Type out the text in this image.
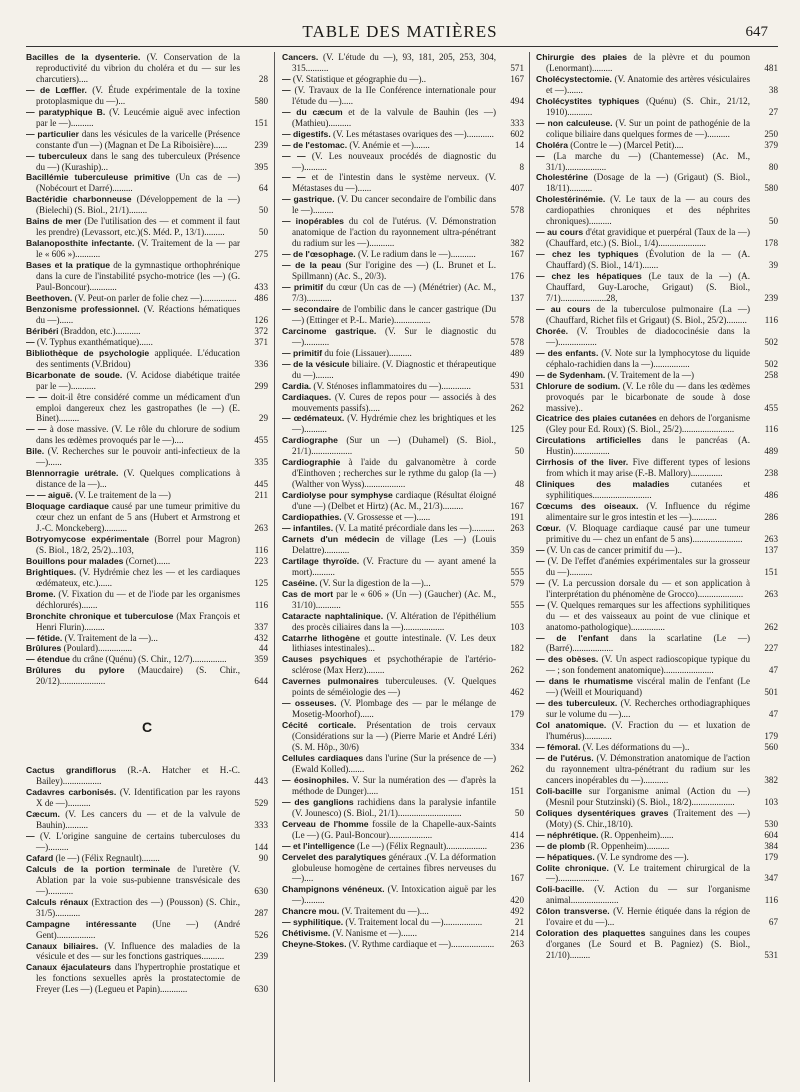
TABLE DES MATIÈRES	647
Bacilles de la dysenterie. (V. Conservation de la reproductivité du vibrion du choléra et du — sur les charcutiers)....	28
— de Lœffler. (V. Étude expérimentale de la toxine protoplasmique du —)...	580
— paratyphique B. (V. Leucémie aiguë avec infection par le —)..........	151
— particulier dans les vésicules de la varicelle (Présence constante d'un —) (Magnan et De La Riboisière)......	239
— tuberculeux dans le sang des tuberculeux (Présence du —) (Kuraship)...	395
Bacillémie tuberculeuse primitive (Un cas de —) (Nobécourt et Darré).........	64
Bactéridie charbonneuse (Développement de la —) (Bielechi) (S. Biol., 21/1)........	50
Bains de mer (De l'utilisation des — et comment il faut les prendre) (Levassort, etc.)(S. Méd. P., 13/1).........	50
Balanoposthite infectante. (V. Traitement de la — par le « 606 »)...........	275
Bases et la pratique de la gymnastique orthophrénique dans la cure de l'instabilité psycho-motrice (les —) (G. Paul-Boncour)............	433
Beethoven. (V. Peut-on parler de folie chez —)...............	486
Benzonisme professionnel. (V. Réactions hématiques du —)......	126
Béribéri (Braddon, etc.)...........	372
— (V. Typhus exanthématique)......	371
Bibliothèque de psychologie appliquée. L'éducation des sentiments (V.Bridou)	336
Bicarbonate de soude. (V. Acidose diabétique traitée par le —)...........	299
— — doit-il être considéré comme un médicament d'un emploi dangereux chez les gastropathes (le —) (E. Binet).........	29
— — à dose massive. (V. Le rôle du chlorure de sodium dans les œdèmes provoqués par le —)....	455
Bile. (V. Recherches sur le pouvoir anti-infectieux de la —)......	335
Blennorragie urétrale. (V. Quelques complications à distance de la —)...	445
— — aiguë. (V. Le traitement de la —)	211
Bloquage cardiaque causé par une tumeur primitive du cœur chez un enfant de 5 ans (Hubert et Armstrong et J.-C. Monckeberg)..........	263
Botryomycose expérimentale (Borrel pour Magron) (S. Biol., 18/2, 25/2)...103,	116
Bouillons pour malades (Cornet)......	223
Brightiques. (V. Hydrémie chez les — et les cardiaques œdémateux, etc.)......	125
Brome. (V. Fixation du — et de l'iode par les organismes déchlorurés).......	116
Bronchite chronique et tuberculose (Max François et Henri Flurin).........	337
— fétide. (V. Traitement de la —)...	432
Brûlures (Poulard)...............	44
— étendue du crâne (Quénu) (S. Chir., 12/7)...............	359
Brûlures du pylore (Maucdaire) (S. Chir., 20/12)....................	644
C
Cactus grandiflorus (R.-A. Hatcher et H.-C. Bailey).................	443
Cadavres carbonisés. (V. Identification par les rayons X de —)..........	529
Cæcum. (V. Les cancers du — et de la valvule de Bauhin)..........	333
— (V. L'origine sanguine de certains tuberculoses du —).........	144
Cafard (le —) (Félix Regnault)........	90
Calculs de la portion terminale de l'uretère (V. Ablation par la voie sus-pubienne transvésicale des —)...........	630
Calculs rénaux (Extraction des —) (Pousson) (S. Chir., 31/5)...........	287
Campagne intéressante (Une —) (André Gent).................	526
Canaux biliaires. (V. Influence des maladies de la vésicule et des — sur les fonctions gastriques..........	239
Canaux éjaculateurs dans l'hypertrophie prostatique et les fonctions sexuelles après la prostatectomie de Freyer (Les —) (Legueu et Papin)............	630
Cancers. (V. L'étude du —), 93, 181, 205, 253, 304, 315..........	571
— (V. Statistique et géographie du —)..	167
— (V. Travaux de la IIe Conférence internationale pour l'étude du —).....	494
— du cæcum et de la valvule de Bauhin (les —) (Mathieu)..........	333
— digestifs. (V. Les métastases ovariques des —)............	602
— de l'estomac. (V. Anémie et —).......	14
— — (V. Les nouveaux procédés de diagnostic du —)..........	8
— — et de l'intestin dans le système nerveux. (V. Métastases du —)......	407
— gastrique. (V. Du cancer secondaire de l'ombilic dans le —).........	578
— inopérables du col de l'utérus. (V. Démonstration anatomique de l'action du rayonnement ultra-pénétrant du radium sur les —)...........	382
— de l'œsophage. (V. Le radium dans le —)...........	167
— de la peau (Sur l'origine des —) (L. Brunet et L. Spillmann) (Ac. S., 20/3).	176
— primitif du cœur (Un cas de —) (Ménétrier) (Ac. M., 7/3)...........	137
— secondaire de l'ombilic dans le cancer gastrique (Du —) (Ettinger et P.-L. Marie)................	578
Carcinome gastrique. (V. Sur le diagnostic du —)...........	578
— primitif du foie (Lissauer)..........	489
— de la vésicule biliaire. (V. Diagnostic et thérapeutique du —)........	490
Cardia. (V. Sténoses inflammatoires du —).............	531
Cardiaques. (V. Cures de repos pour — associés à des mouvements passifs).....	262
— œdémateux. (V. Hydrémie chez les brightiques et les —)..........	125
Cardiographe (Sur un —) (Duhamel) (S. Biol., 21/1)..................	50
Cardiographie à l'aide du galvanomètre à corde d'Einthoven ; recherches sur le rythme du galop (la —) (Walther von Wyss)..................	48
Cardiolyse pour symphyse cardiaque (Résultat éloigné d'une —) (Delbet et Hirtz) (Ac. M., 21/3).........	167
Cardiopathies. (V. Grossesse et —)......	191
— infantiles. (V. La matité précordiale dans les —)..........	263
Carnets d'un médecin de village (Les —) (Louis Delattre)...........	359
Cartilage thyroïde. (V. Fracture du — ayant amené la mort)..........	555
Caséine. (V. Sur la digestion de la —)...	579
Cas de mort par le « 606 » (Un —) (Gaucher) (Ac. M., 31/10)...........	555
Cataracte naphtalinique. (V. Altération de l'épithélium des procès ciliaires dans la —)..................	103
Catarrhe lithogène et goutte intestinale. (V. Les deux lithiases intestinales)...	182
Causes psychiques et psychothérapie de l'artério-sclérose (Max Herz)........	262
Cavernes pulmonaires tuberculeuses. (V. Quelques points de séméiologie des —)	462
— osseuses. (V. Plombage des — par le mélange de Mosetig-Moorhof)......	179
Cécité corticale. Présentation de trois cervaux (Considérations sur la —) (Pierre Marie et André Léri) (S. M. Hôp., 30/6)	334
Cellules cardiaques dans l'urine (Sur la présence de —) (Ewald Kolled).......	262
— éosinophiles. V. Sur la numération des — d'après la méthode de Dunger).....	151
— des ganglions rachidiens dans la paralysie infantile (V. Jounesco) (S. Biol., 21/1)............................	50
Cerveau de l'homme fossile de la Chapelle-aux-Saints (Le —) (G. Paul-Boncour)...................	414
— et l'intelligence (Le —) (Félix Regnault)..................	236
Cervelet des paralytiques généraux .(V. La déformation globuleuse homogène de certaines fibres nerveuses du —)....	167
Champignons vénéneux. (V. Intoxication aiguë par les —).........	420
Chancre mou. (V. Traitement du —)....	492
— syphilitique. (V. Traitement local du —).................	21
Chétivisme. (V. Nanisme et —).......	214
Cheyne-Stokes. (V. Rythme cardiaque et —)...................	263
Chirurgie des plaies de la plèvre et du poumon (Lenormant).........	481
Cholécystectomie. (V. Anatomie des artères vésiculaires et —).......	38
Cholécystites typhiques (Quénu) (S. Chir., 21/12, 1910)...........	27
— non calculeuse. (V. Sur un point de pathogénie de la colique biliaire dans quelques formes de —)..........	250
Choléra (Contre le —) (Marcel Petit)....	379
— (La marche du —) (Chantemesse) (Ac. M., 31/1)..................	80
Cholestérine (Dosage de la —) (Grigaut) (S. Biol., 18/11)..........	580
Cholestérinémie. (V. Le taux de la — au cours des cardiopathies chroniques et des néphrites chroniques)..........	50
— au cours d'état gravidique et puerpéral (Taux de la —) (Chauffard, etc.) (S. Biol., 1/4).....................	178
— chez les typhiques (Évolution de la — (A. Chauffard) (S. Biol., 14/1).......	39
— chez les hépatiques (Le taux de la —) (A. Chauffard, Guy-Laroche, Grigaut) (S. Biol., 7/1)....................28,	239
— au cours de la tuberculose pulmonaire (La —) (Chauffard, Richet fils et Grigaut) (S. Biol., 25/2).........	116
Chorée. (V. Troubles de diadococinésie dans la —).................	502
— des enfants. (V. Note sur la lymphocytose du liquide céphalo-rachidien dans la —)................	502
— de Sydenham. (V. Traitement de la —)	258
Chlorure de sodium. (V. Le rôle du — dans les œdèmes provoqués par le bicarbonate de soude à dose massive)..	455
Cicatrice des plaies cutanées en dehors de l'organisme (Gley pour Ed. Roux) (S. Biol., 25/2).......................	116
Circulations artificielles dans le pancréas (A. Hustin)................	489
Cirrhosis of the liver. Five different types of lesions from which it may arise (F.-B. Mallory)..............	238
Cliniques des maladies cutanées et syphilitiques..........................	486
Cœcums des oiseaux. (V. Influence du régime alimentaire sur le gros intestin et les —)...........	286
Cœur. (V. Bloquage cardiaque causé par une tumeur primitive du — chez un enfant de 5 ans)......................	263
— (V. Un cas de cancer primitif du —)..	137
— (V. De l'effet d'anémies expérimentales sur la grosseur du —)..........	151
— (V. La percussion dorsale du — et son application à l'interprétation du phénomène de Grocco)....................	263
— (V. Quelques remarques sur les affections syphilitiques du — et des vaisseaux au point de vue clinique et anatomo-pathologique)...............	262
— de l'enfant dans la scarlatine (Le —) (Barré)..................	227
— des obèses. (V. Un aspect radioscopique typique du — ; son fondement anatomique)......................	47
— dans le rhumatisme viscéral malin de l'enfant (Le —) (Weill et Mouriquand)	501
— des tuberculeux. (V. Recherches orthodiagraphiques sur le volume du —)....	47
Col anatomique. (V. Fraction du — et luxation de l'humérus)............	179
— fémoral. (V. Les déformations du —)..	560
— de l'utérus. (V. Démonstration anatomique de l'action du rayonnement ultra-pénétrant du radium sur les cancers inopérables du —)...........	382
Coli-bacille sur l'organisme animal (Action du —) (Mesnil pour Stutzinski) (S. Biol., 18/2)...................	103
Coliques dysentériques graves (Traitement des —) (Moty) (S. Chir.,18/10).	530
— néphrétique. (R. Oppenheim)......	604
— de plomb (R. Oppenheim)..........	384
— hépatiques. (V. Le syndrome des —).	179
Colite chronique. (V. Le traitement chirurgical de la —)..................	347
Coli-bacille. (V. Action du — sur l'organisme animal.....................	116
Côlon transverse. (V. Hernie étiquée dans la région de l'ovaire et du —)...	67
Coloration des plaquettes sanguines dans les coupes d'organes (Le Sourd et B. Pagniez) (S. Biol., 21/10).........	531
